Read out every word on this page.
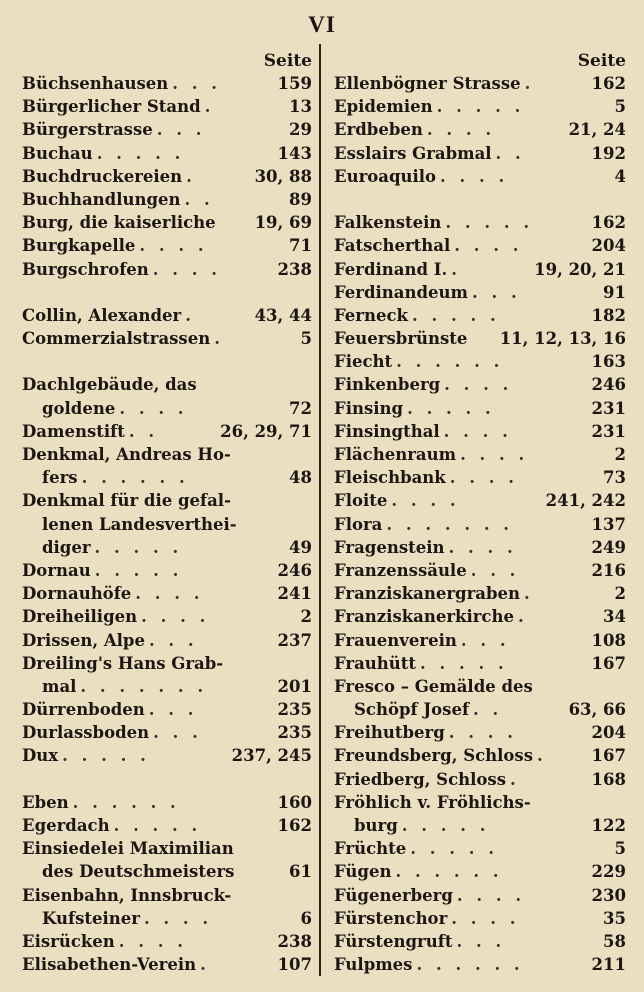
VI
Seite
Büchsenhausen . . .	159
Bürgerlicher Stand .	13
Bürgerstrasse . . .	29
Buchau . . . . .	143
Buchdruckereien .	30, 88
Buchhandlungen . .	89
Burg, die kaiserliche 19, 69
Burgkapelle . . . .	71
Burgschrofen . . . .	238
Collin, Alexander .	43, 44
Commerzialstrassen .	5
Dachlgebäude, das
goldene . . . .	72
Damenstift . .	26, 29, 71
Denkmal, Andreas Ho-
fers . . . . . .	48
Denkmal für die gefal-
lenen Landesverthei-
diger . . . . .	49
Dornau . . . . .	246
Dornauhöfe . . . .	241
Dreiheiligen . . . .	2
Drissen, Alpe . . .	237
Dreiling's Hans Grab-
mal . . . . . . .	201
Dürrenboden . . .	235
Durlassboden . . .	235
Dux . . . . .	237, 245
Eben . . . . . .	160
Egerdach . . . . .	162
Einsiedelei Maximilian
des Deutschmeisters	61
Eisenbahn, Innsbruck-
Kufsteiner . . . .	6
Eisrücken . . . .	238
Elisabethen-Verein .	107
Seite
Ellenbögner Strasse .	162
Epidemien . . . . .	5
Erdbeben . . . .	21, 24
Esslairs Grabmal . .	192
Euroaquilo . . . .	4
Falkenstein . . . . .	162
Fatscherthal . . . .	204
Ferdinand I. .	19, 20, 21
Ferdinandeum . . .	91
Ferneck . . . . .	182
Feuersbrünste 11, 12, 13, 16
Fiecht . . . . . .	163
Finkenberg . . . .	246
Finsing . . . . .	231
Finsingthal . . . .	231
Flächenraum . . . .	2
Fleischbank . . . .	73
Floite . . . .	241, 242
Flora . . . . . . .	137
Fragenstein . . . .	249
Franzenssäule . . .	216
Franziskanergraben .	2
Franziskanerkirche .	34
Frauenverein . . .	108
Frauhütt . . . . .	167
Fresco – Gemälde des
Schöpf Josef . .	63, 66
Freihutberg . . . .	204
Freundsberg, Schloss .	167
Friedberg, Schloss .	168
Fröhlich v. Fröhlichs-
burg . . . . .	122
Früchte . . . . .	5
Fügen . . . . . .	229
Fügenerberg . . . .	230
Fürstenchor . . . .	35
Fürstengruft . . .	58
Fulpmes . . . . . .	211
